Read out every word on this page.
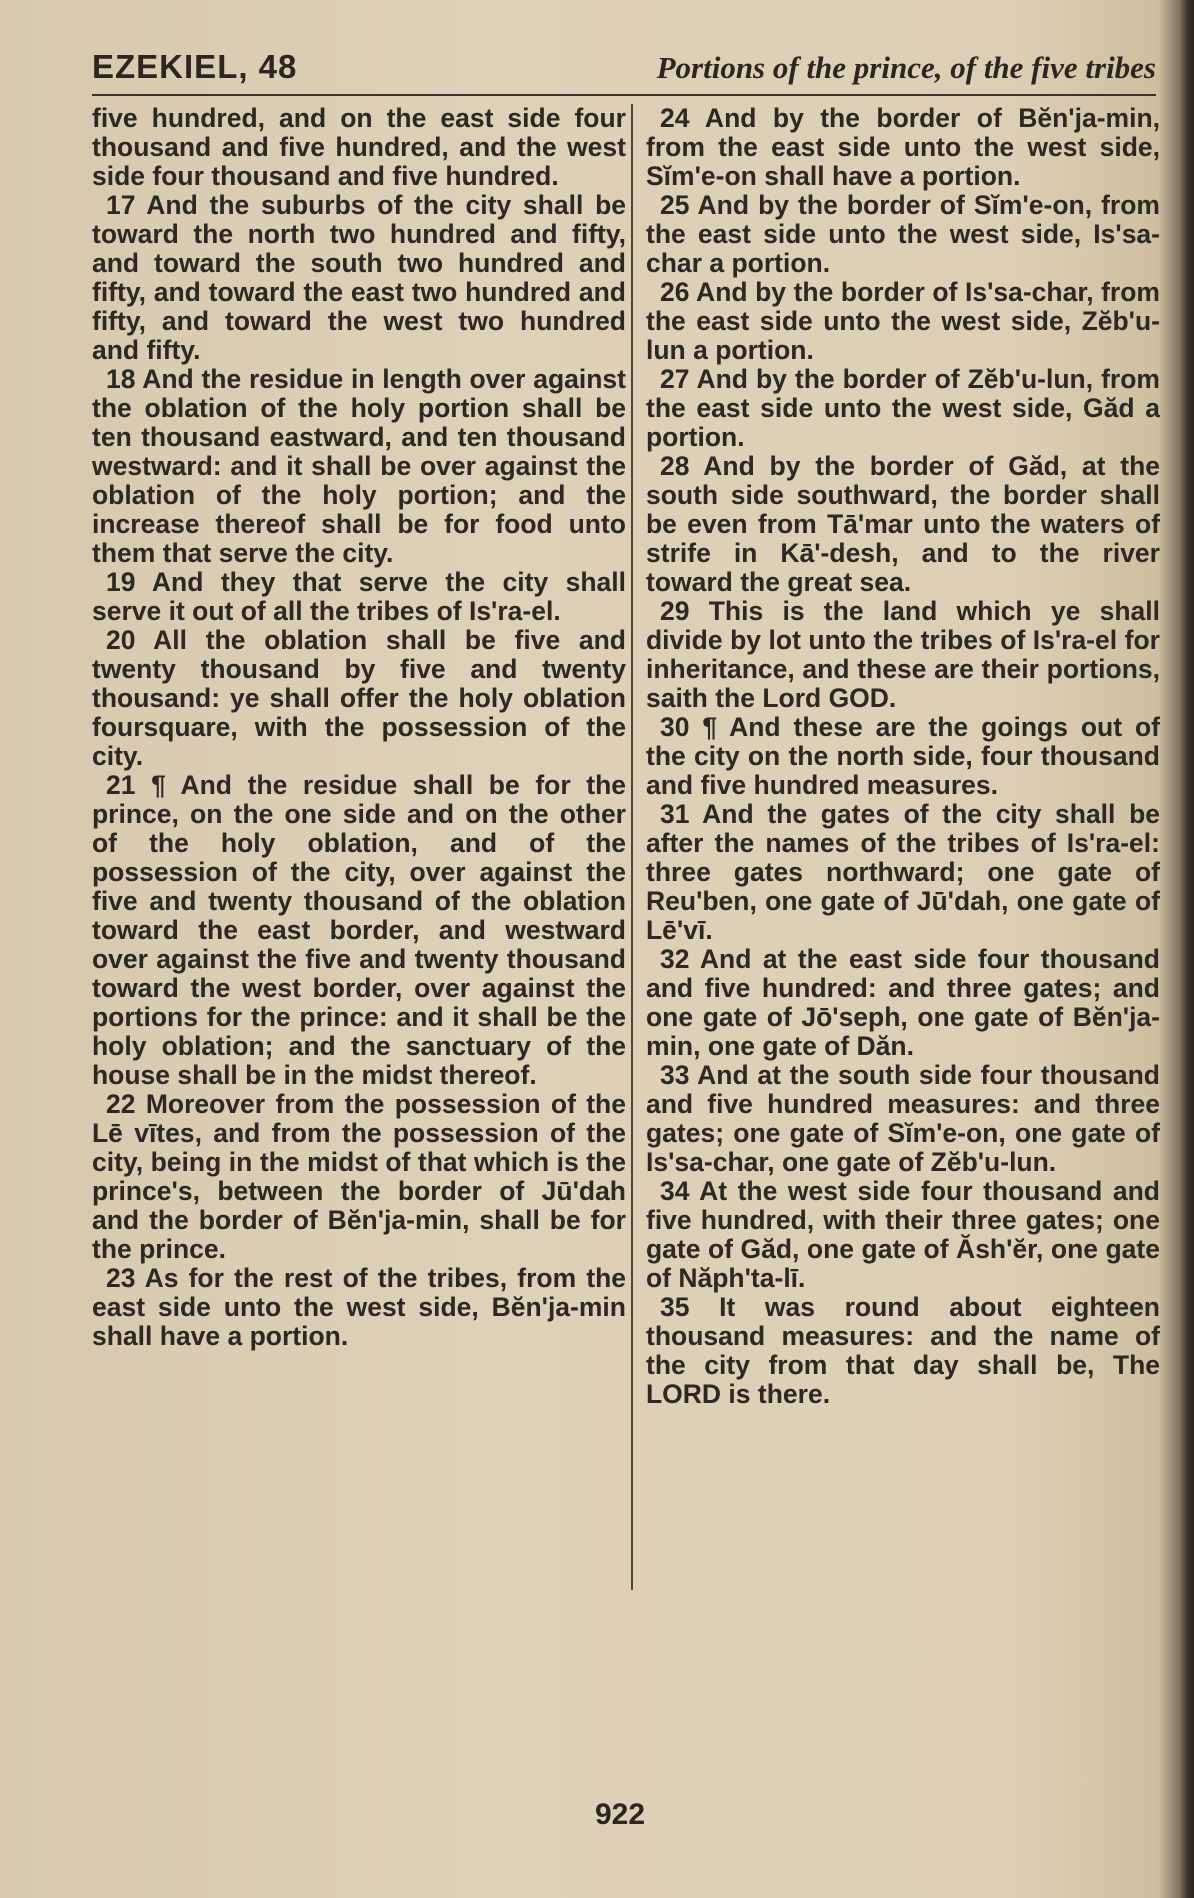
EZEKIEL, 48	Portions of the prince, of the five tribes

five hundred, and on the east side four thousand and five hundred, and the west side four thousand and five hundred.

17 And the suburbs of the city shall be toward the north two hundred and fifty, and toward the south two hundred and fifty, and toward the east two hundred and fifty, and toward the west two hundred and fifty.

18 And the residue in length over against the oblation of the holy portion shall be ten thousand eastward, and ten thousand westward: and it shall be over against the oblation of the holy portion; and the increase thereof shall be for food unto them that serve the city.

19 And they that serve the city shall serve it out of all the tribes of Is'ra-el.

20 All the oblation shall be five and twenty thousand by five and twenty thousand: ye shall offer the holy oblation foursquare, with the possession of the city.

21 ¶ And the residue shall be for the prince, on the one side and on the other of the holy oblation, and of the possession of the city, over against the five and twenty thousand of the oblation toward the east border, and westward over against the five and twenty thousand toward the west border, over against the portions for the prince: and it shall be the holy oblation; and the sanctuary of the house shall be in the midst thereof.

22 Moreover from the possession of the Lē vītes, and from the possession of the city, being in the midst of that which is the prince's, between the border of Jū'dah and the border of Bĕn'ja-min, shall be for the prince.

23 As for the rest of the tribes, from the east side unto the west side, Bĕn'ja-min shall have a portion.

24 And by the border of Bĕn'ja-min, from the east side unto the west side, Sĭm'e-on shall have a portion.

25 And by the border of Sĭm'e-on, from the east side unto the west side, Is'sa-char a portion.

26 And by the border of Is'sa-char, from the east side unto the west side, Zĕb'u-lun a portion.

27 And by the border of Zĕb'u-lun, from the east side unto the west side, Găd a portion.

28 And by the border of Găd, at the south side southward, the border shall be even from Tā'mar unto the waters of strife in Kā'-desh, and to the river toward the great sea.

29 This is the land which ye shall divide by lot unto the tribes of Is'ra-el for inheritance, and these are their portions, saith the Lord GOD.

30 ¶ And these are the goings out of the city on the north side, four thousand and five hundred measures.

31 And the gates of the city shall be after the names of the tribes of Is'ra-el: three gates northward; one gate of Reu'ben, one gate of Jū'dah, one gate of Lē'vī.

32 And at the east side four thousand and five hundred: and three gates; and one gate of Jō'seph, one gate of Bĕn'ja-min, one gate of Dăn.

33 And at the south side four thousand and five hundred measures: and three gates; one gate of Sĭm'e-on, one gate of Is'sa-char, one gate of Zĕb'u-lun.

34 At the west side four thousand and five hundred, with their three gates; one gate of Găd, one gate of Ăsh'ĕr, one gate of Năph'ta-lī.

35 It was round about eighteen thousand measures: and the name of the city from that day shall be, The LORD is there.

922
